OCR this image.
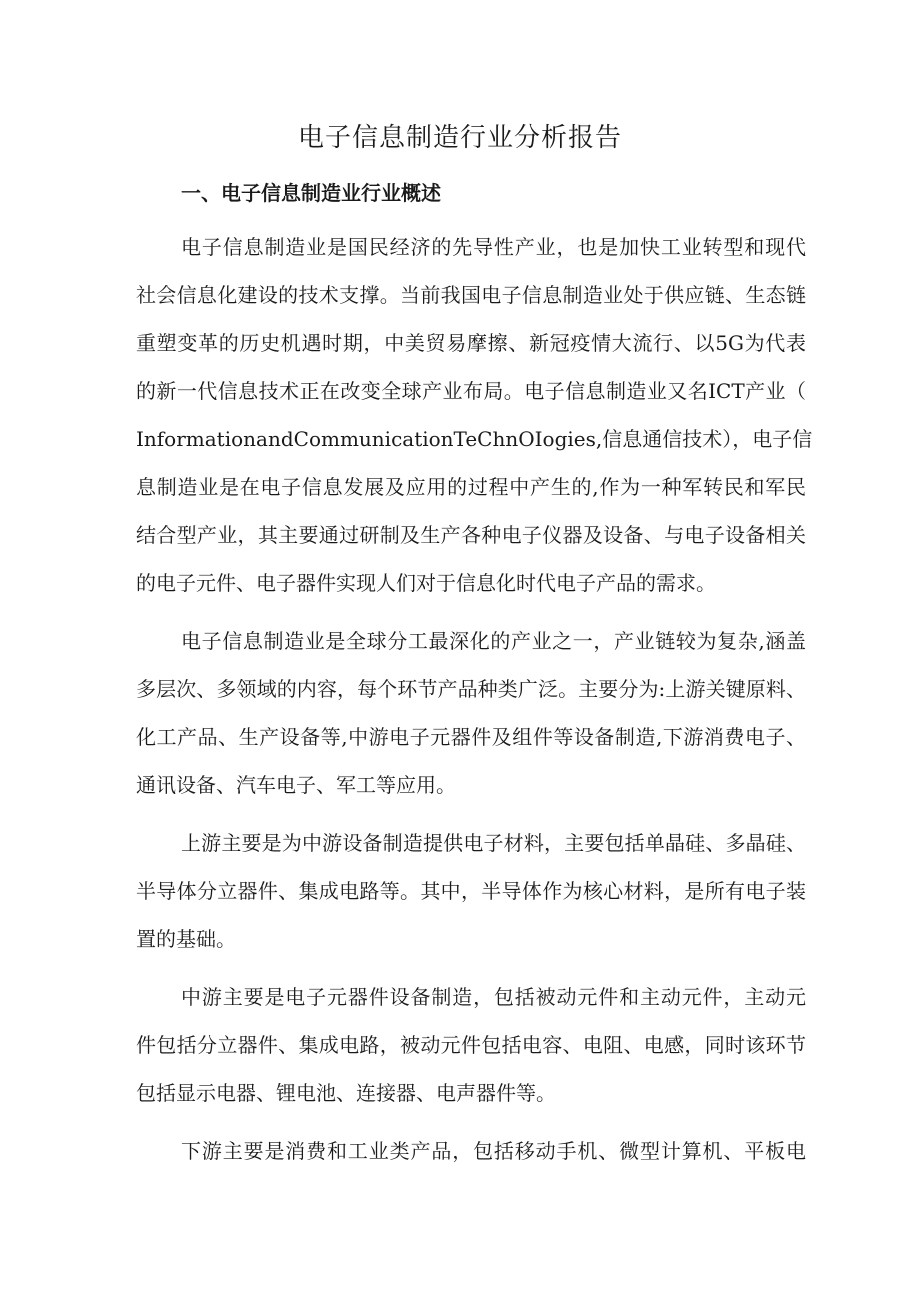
电子信息制造行业分析报告
一、电子信息制造业行业概述

电子信息制造业是国民经济的先导性产业，也是加快工业转型和现代

社会信息化建设的技术支撑。当前我国电子信息制造业处于供应链、生态链

重塑变革的历史机遇时期，中美贸易摩擦、新冠疫情大流行、以5G为代表

的新一代信息技术正在改变全球产业布局。电子信息制造业又名ICT产业（

InformationandCommunicationTeChnOIogies,信息通信技术），电子信

息制造业是在电子信息发展及应用的过程中产生的,作为一种军转民和军民

结合型产业，其主要通过研制及生产各种电子仪器及设备、与电子设备相关

的电子元件、电子器件实现人们对于信息化时代电子产品的需求。

电子信息制造业是全球分工最深化的产业之一，产业链较为复杂,涵盖

多层次、多领域的内容，每个环节产品种类广泛。主要分为:上游关键原料、

化工产品、生产设备等,中游电子元器件及组件等设备制造,下游消费电子、

通讯设备、汽车电子、军工等应用。

上游主要是为中游设备制造提供电子材料，主要包括单晶硅、多晶硅、

半导体分立器件、集成电路等。其中，半导体作为核心材料，是所有电子装

置的基础。

中游主要是电子元器件设备制造，包括被动元件和主动元件，主动元

件包括分立器件、集成电路，被动元件包括电容、电阻、电感，同时该环节

包括显示电器、锂电池、连接器、电声器件等。

下游主要是消费和工业类产品，包括移动手机、微型计算机、平板电
